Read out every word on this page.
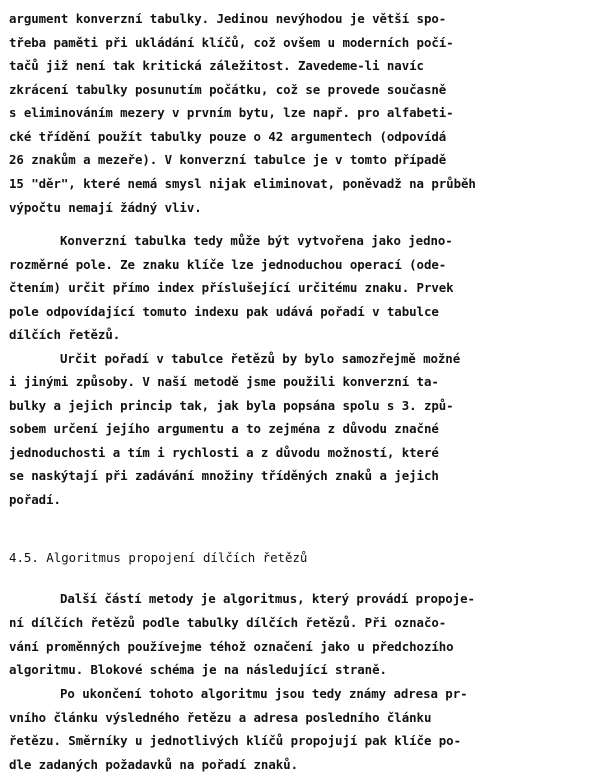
argument konverzní tabulky. Jedinou nevýhodou je větší spo-
třeba paměti při ukládání klíčů, což ovšem u moderních počí-
tačů již není tak kritická záležitost. Zavedeme-li navíc
zkrácení tabulky posunutím počátku, což se provede současně
s eliminováním mezery v prvním bytu, lze např. pro alfabeti-
cké třídění použít tabulky pouze o 42 argumentech (odpovídá
26 znakům a mezeře). V konverzní tabulce je v tomto případě
15 "děr", které nemá smysl nijak eliminovat, poněvadž na průběh
výpočtu nemají žádný vliv.
Konverzní tabulka tedy může být vytvořena jako jedno-
rozměrné pole. Ze znaku klíče lze jednoduchou operací (ode-
čtením) určit přímo index příslušející určitému znaku. Prvek
pole odpovídající tomuto indexu pak udává pořadí v tabulce
dílčích řetězů.
Určit pořadí v tabulce řetězů by bylo samozřejmě možné
i jinými způsoby. V naší metodě jsme použili konverzní ta-
bulky a jejich princip tak, jak byla popsána spolu s 3. způ-
sobem určení jejího argumentu a to zejména z důvodu značné
jednoduchosti a tím i rychlosti a z důvodu možností, které
se naskýtají při zadávání množiny tříděných znaků a jejich
pořadí.
4.5. Algoritmus propojení dílčích řetězů
Další částí metody je algoritmus, který provádí propoje-
ní dílčích řetězů podle tabulky dílčích řetězů. Při označo-
vání proměnných používejme téhož označení jako u předchozího
algoritmu. Blokové schéma je na následující straně.
Po ukončení tohoto algoritmu jsou tedy známy adresa pr-
vního článku výsledného řetězu a adresa posledního článku
řetězu. Směrníky u jednotlivých klíčů propojují pak klíče po-
dle zadaných požadavků na pořadí znaků.
